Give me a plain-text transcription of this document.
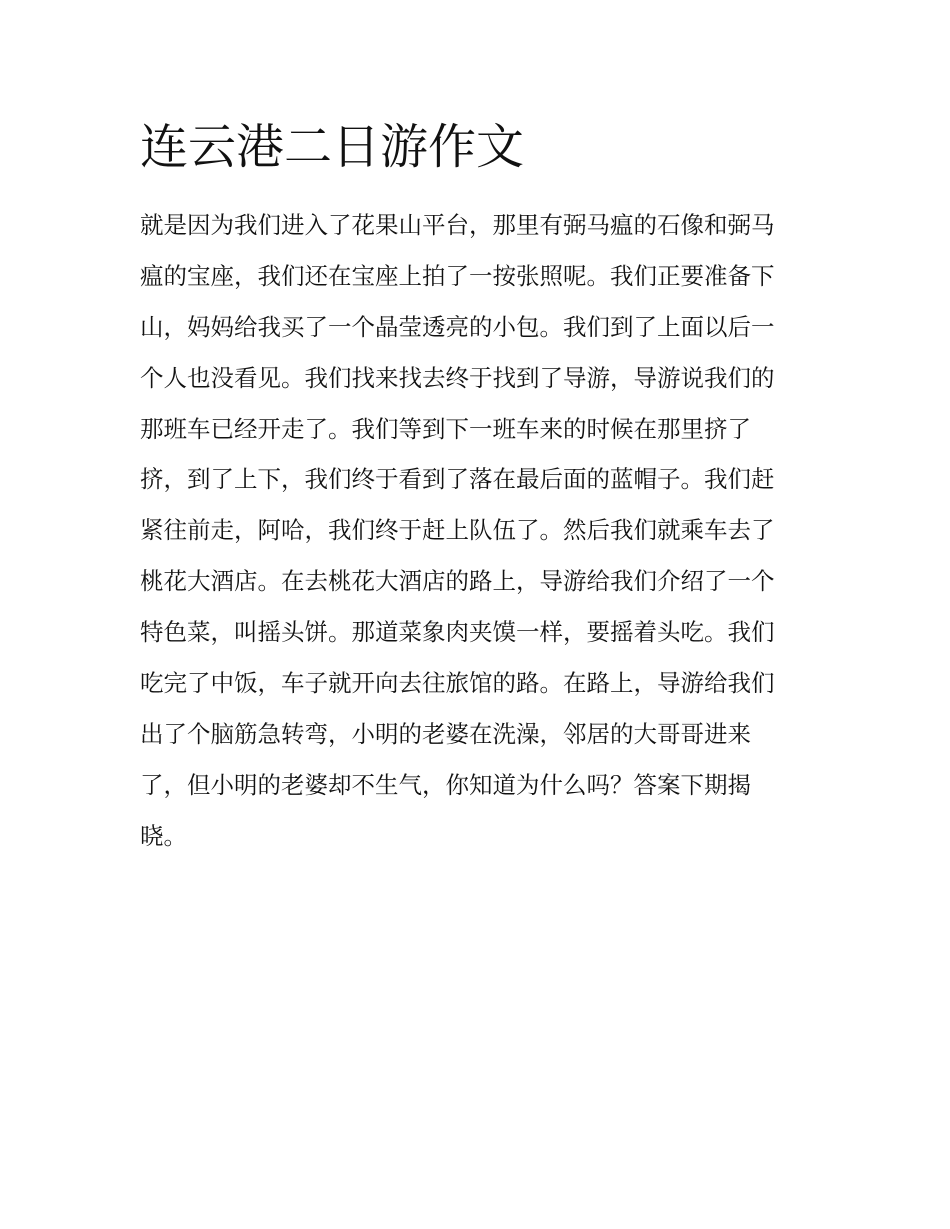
连云港二日游作文
就是因为我们进入了花果山平台，那里有弼马瘟的石像和弼马
瘟的宝座，我们还在宝座上拍了一按张照呢。我们正要准备下
山，妈妈给我买了一个晶莹透亮的小包。我们到了上面以后一
个人也没看见。我们找来找去终于找到了导游，导游说我们的
那班车已经开走了。我们等到下一班车来的时候在那里挤了
挤，到了上下，我们终于看到了落在最后面的蓝帽子。我们赶
紧往前走，阿哈，我们终于赶上队伍了。然后我们就乘车去了
桃花大酒店。在去桃花大酒店的路上，导游给我们介绍了一个
特色菜，叫摇头饼。那道菜象肉夹馍一样，要摇着头吃。我们
吃完了中饭，车子就开向去往旅馆的路。在路上，导游给我们
出了个脑筋急转弯，小明的老婆在洗澡，邻居的大哥哥进来
了，但小明的老婆却不生气，你知道为什么吗？答案下期揭
晓。
